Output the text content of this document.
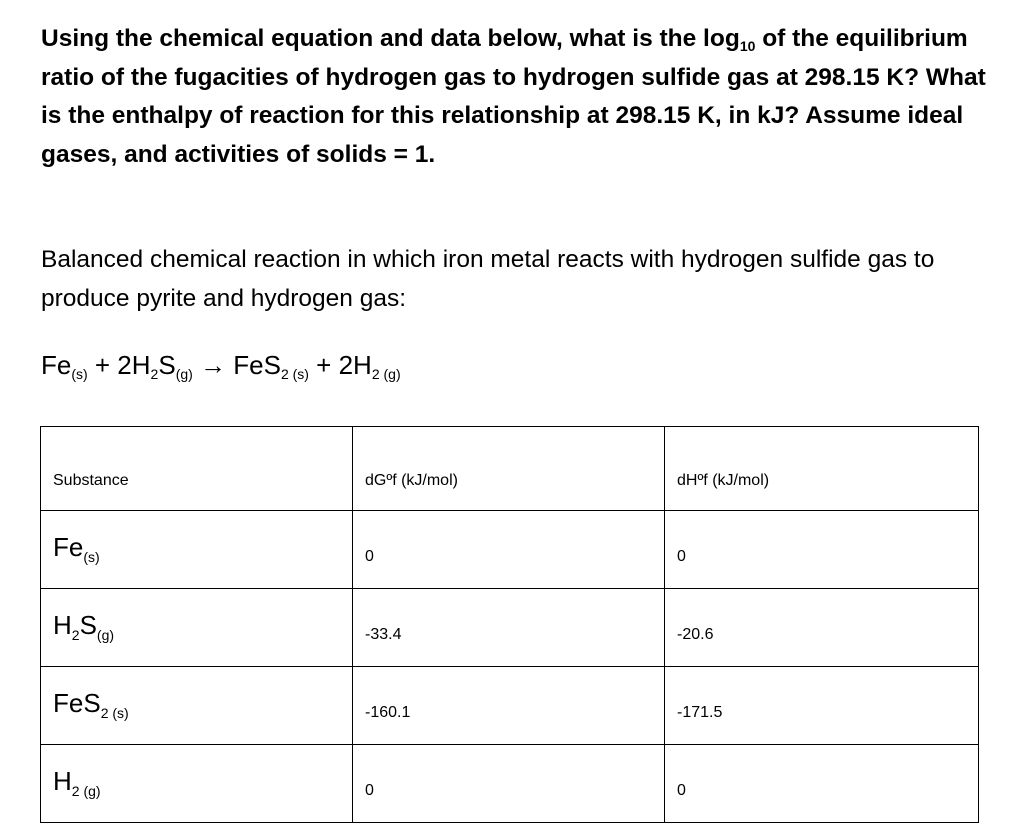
Using the chemical equation and data below, what is the $\log_{10}$ of the equilibrium ratio of the fugacities of hydrogen gas to hydrogen sulfide gas at 298.15 K? What is the enthalpy of reaction for this relationship at 298.15 K, in kJ? Assume ideal gases, and activities of solids = 1.

Balanced chemical reaction in which iron metal reacts with hydrogen sulfide gas to produce pyrite and hydrogen gas:

$Fe_{(s)} + 2H_2S_{(g)} \to FeS_{2 (s)} + 2H_{2 (g)}$

Substance	dGºf (kJ/mol)	dHºf (kJ/mol)
$Fe_{(s)}$	0	0
$H_2S_{(g)}$	-33.4	-20.6
FeS$_{2 (s)}$	-160.1	-171.5
$H_{2 (g)}$	0	0
